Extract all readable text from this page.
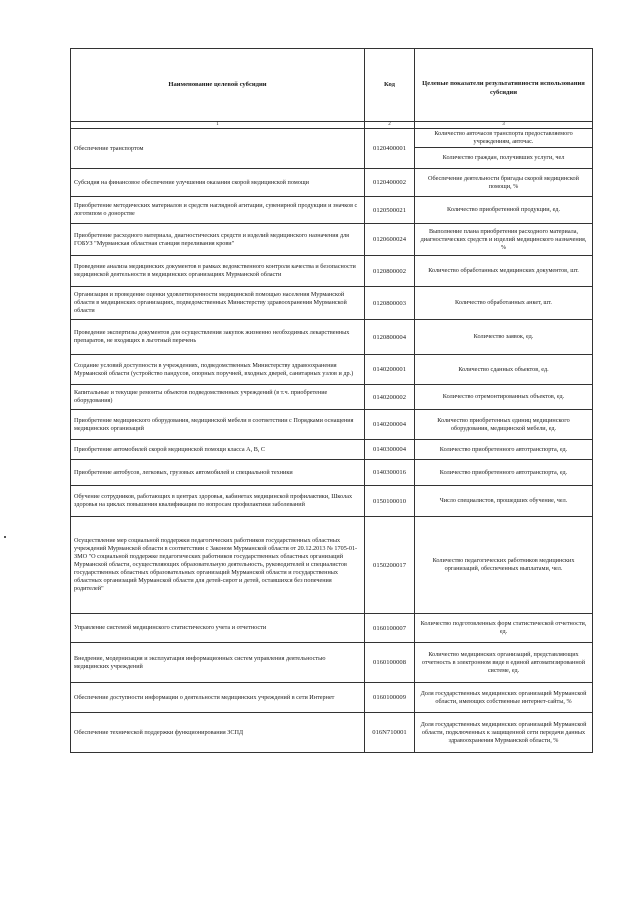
Наименование целевой субсидии	Код	Целевые показатели результативности использования субсидии
1	2	3
Обеспечение транспортом	0120400001	Количество авточасов транспорта предоставляемого учреждениям, авточас.
		Количество граждан, получивших услуги, чел
Субсидия на финансовое обеспечение улучшения оказания скорой медицинской помощи	0120400002	Обеспечение деятельности бригады скорой медицинской помощи, %
Приобретение методических материалов и средств наглядной агитации, сувенирной продукции и значков с логотипом о донорстве	0120500021	Количество приобретенной продукции, ед.
Приобретение расходного материала, диагностических средств и изделий медицинского назначения для ГОБУЗ "Мурманская областная станция переливания крови"	0120600024	Выполнение плана приобретения расходного материала, диагностических средств и изделий медицинского назначения, %
Проведение анализа медицинских документов в рамках ведомственного контроля качества и безопасности медицинской деятельности в медицинских организациях Мурманской области	0120800002	Количество обработанных медицинских документов, шт.
Организация и проведение оценки удовлетворенности медицинской помощью населения Мурманской области в медицинских организациях, подведомственных Министерству здравоохранения Мурманской области	0120800003	Количество обработанных анкет, шт.
Проведение экспертизы документов для осуществления закупок жизненно необходимых лекарственных препаратов, не входящих в льготный перечень	0120800004	Количество заявок, ед.
Создание условий доступности в учреждениях, подведомственных Министерству здравоохранения Мурманской области (устройство пандусов, опорных поручней, входных дверей, санитарных узлов и др.)	0140200001	Количество сданных объектов, ед.
Капитальные и текущие ремонты объектов подведомственных учреждений (в т.ч. приобретение оборудования)	0140200002	Количество отремонтированных объектов, ед.
Приобретение медицинского оборудования, медицинской мебели в соответствии с Порядками оснащения медицинских организаций	0140200004	Количество приобретенных единиц медицинского оборудования, медицинской мебели, ед.
Приобретение автомобилей скорой медицинской помощи класса А, В, С	0140300004	Количество приобретенного автотранспорта, ед.
Приобретение автобусов, легковых, грузовых автомобилей и специальной техники	0140300016	Количество приобретенного автотранспорта, ед.
Обучение сотрудников, работающих в центрах здоровья, кабинетах медицинской профилактики, Школах здоровья на циклах повышения квалификации по вопросам профилактики заболеваний	0150100010	Число специалистов, прошедших обучение, чел.
Осуществление мер социальной поддержки педагогических работников государственных областных учреждений Мурманской области в соответствии с Законом Мурманской области от 20.12.2013 № 1705-01-ЗМО "О социальной поддержке педагогических работников государственных областных организаций Мурманской области, осуществляющих образовательную деятельность, руководителей и специалистов государственных областных образовательных организаций Мурманской области и государственных областных организаций Мурманской области для детей-сирот и детей, оставшихся без попечения родителей"	0150200017	Количество педагогических работников медицинских организаций, обеспеченных выплатами, чел.
Управление системой медицинского статистического учета и отчетности	0160100007	Количество подготовленных форм статистической отчетности, ед.
Внедрение, модернизация и эксплуатация информационных систем управления деятельностью медицинских учреждений	0160100008	Количество медицинских организаций, представляющих отчетность в электронном виде в единой автоматизированной системе, ед.
Обеспечение доступности информации о деятельности медицинских учреждений в сети Интернет	0160100009	Доля государственных медицинских организаций Мурманской области, имеющих собственные интернет-сайты, %
Обеспечение технической поддержки функционирования ЗСПД	016N710001	Доля государственных медицинских организаций Мурманской области, подключенных к защищенной сети передачи данных здравоохранения Мурманской области, %
